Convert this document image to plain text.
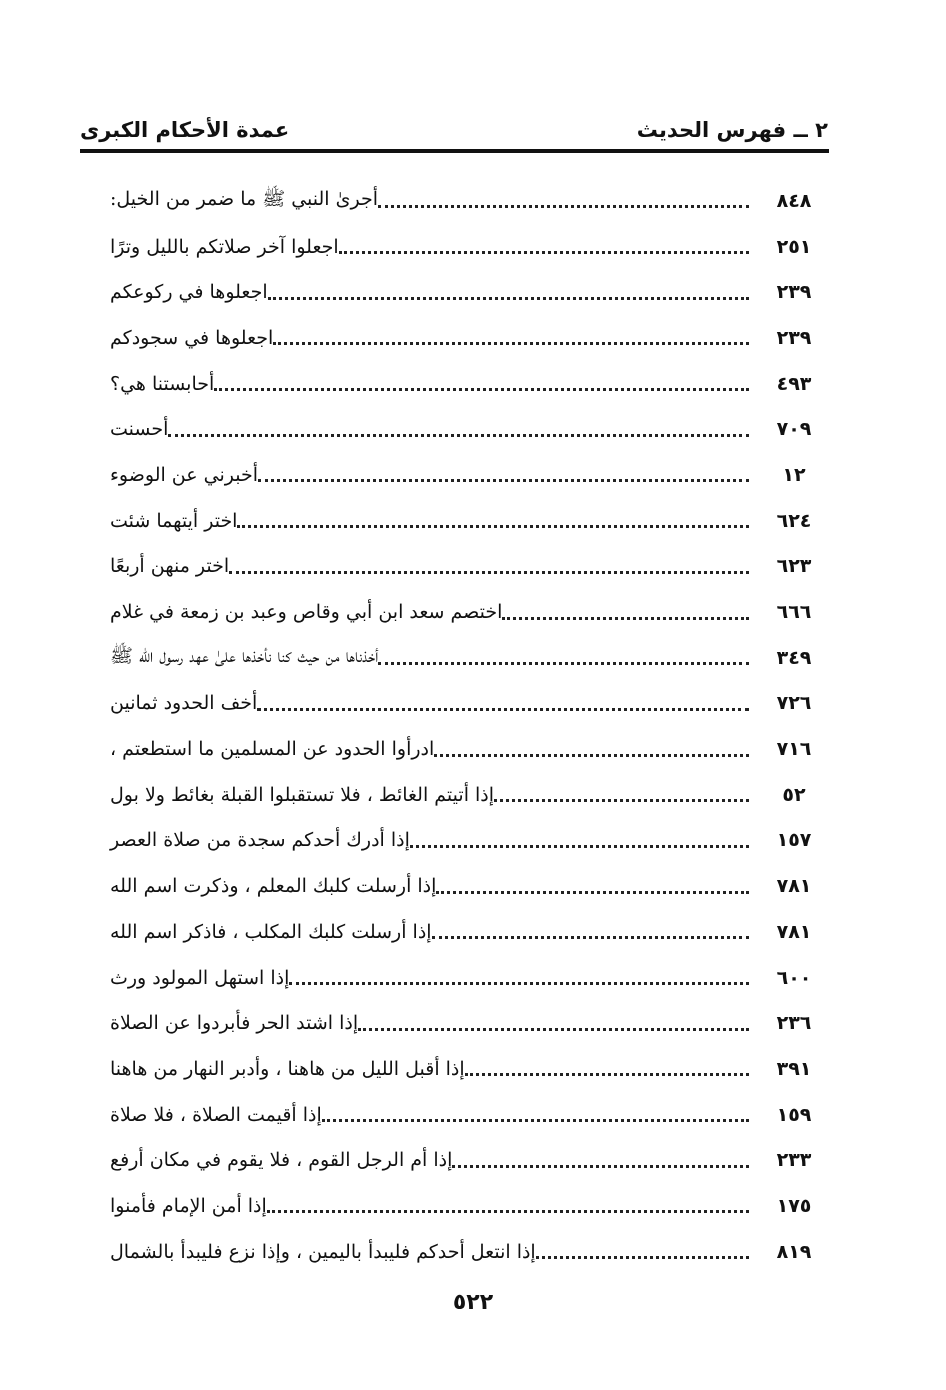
٢ ــ فهرس الحديث
عمدة الأحكام الكبرى
أجرىٰ النبي ﷺ ما ضمر من الخيل:	٨٤٨
اجعلوا آخر صلاتكم بالليل وترًا	٢٥١
اجعلوها في ركوعكم	٢٣٩
اجعلوها في سجودكم	٢٣٩
أحابستنا هي؟	٤٩٣
أحسنت	٧٠٩
أخبرني عن الوضوء	١٢
اختر أيتهما شئت	٦٢٤
اختر منهن أربعًا	٦٢٣
اختصم سعد ابن أبي وقاص وعبد بن زمعة في غلام	٦٦٦
أخذناها من حيث كنا نأخذها علىٰ عهد رسول الله ﷺ	٣٤٩
أخف الحدود ثمانين	٧٢٦
ادرأوا الحدود عن المسلمين ما استطعتم ،	٧١٦
إذا أتيتم الغائط ، فلا تستقبلوا القبلة بغائط ولا بول	٥٢
إذا أدرك أحدكم سجدة من صلاة العصر	١٥٧
إذا أرسلت كلبك المعلم ، وذكرت اسم الله	٧٨١
إذا أرسلت كلبك المكلب ، فاذكر اسم الله	٧٨١
إذا استهل المولود ورث	٦٠٠
إذا اشتد الحر فأبردوا عن الصلاة	٢٣٦
إذا أقبل الليل من هاهنا ، وأدبر النهار من هاهنا	٣٩١
إذا أقيمت الصلاة ، فلا صلاة	١٥٩
إذا أم الرجل القوم ، فلا يقوم في مكان أرفع	٢٣٣
إذا أمن الإمام فأمنوا	١٧٥
إذا انتعل أحدكم فليبدأ باليمين ، وإذا نزع فليبدأ بالشمال	٨١٩
٥٢٢
